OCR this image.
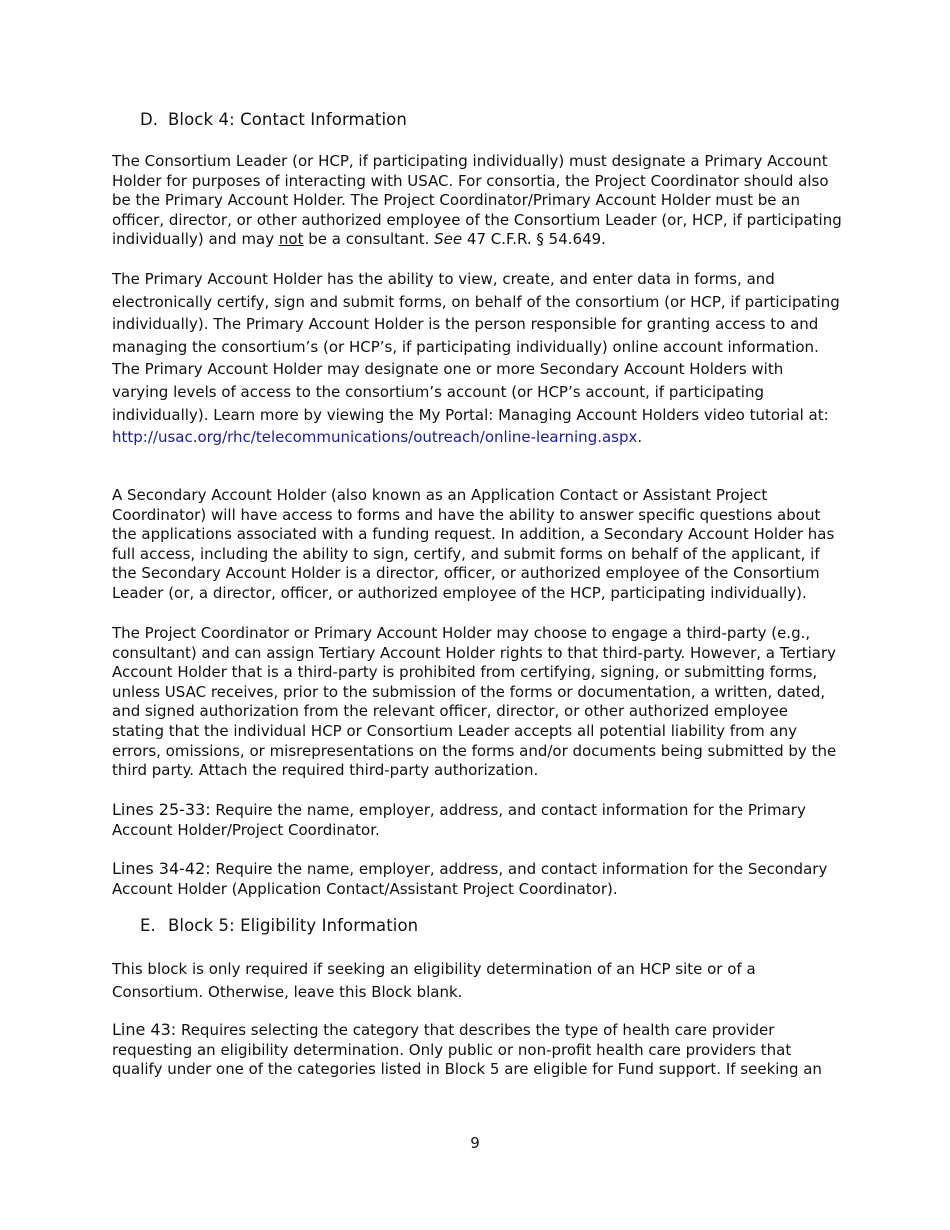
D. Block 4: Contact Information

The Consortium Leader (or HCP, if participating individually) must designate a Primary Account Holder for purposes of interacting with USAC. For consortia, the Project Coordinator should also be the Primary Account Holder. The Project Coordinator/Primary Account Holder must be an officer, director, or other authorized employee of the Consortium Leader (or, HCP, if participating individually) and may not be a consultant. See 47 C.F.R. § 54.649.

The Primary Account Holder has the ability to view, create, and enter data in forms, and electronically certify, sign and submit forms, on behalf of the consortium (or HCP, if participating individually). The Primary Account Holder is the person responsible for granting access to and managing the consortium’s (or HCP’s, if participating individually) online account information. The Primary Account Holder may designate one or more Secondary Account Holders with varying levels of access to the consortium’s account (or HCP’s account, if participating individually). Learn more by viewing the My Portal: Managing Account Holders video tutorial at: http://usac.org/rhc/telecommunications/outreach/online-learning.aspx.

A Secondary Account Holder (also known as an Application Contact or Assistant Project Coordinator) will have access to forms and have the ability to answer specific questions about the applications associated with a funding request. In addition, a Secondary Account Holder has full access, including the ability to sign, certify, and submit forms on behalf of the applicant, if the Secondary Account Holder is a director, officer, or authorized employee of the Consortium Leader (or, a director, officer, or authorized employee of the HCP, participating individually).

The Project Coordinator or Primary Account Holder may choose to engage a third-party (e.g., consultant) and can assign Tertiary Account Holder rights to that third-party. However, a Tertiary Account Holder that is a third-party is prohibited from certifying, signing, or submitting forms, unless USAC receives, prior to the submission of the forms or documentation, a written, dated, and signed authorization from the relevant officer, director, or other authorized employee stating that the individual HCP or Consortium Leader accepts all potential liability from any errors, omissions, or misrepresentations on the forms and/or documents being submitted by the third party. Attach the required third-party authorization.

Lines 25-33: Require the name, employer, address, and contact information for the Primary Account Holder/Project Coordinator.

Lines 34-42: Require the name, employer, address, and contact information for the Secondary Account Holder (Application Contact/Assistant Project Coordinator).

E. Block 5: Eligibility Information

This block is only required if seeking an eligibility determination of an HCP site or of a Consortium. Otherwise, leave this Block blank.

Line 43: Requires selecting the category that describes the type of health care provider requesting an eligibility determination. Only public or non-profit health care providers that qualify under one of the categories listed in Block 5 are eligible for Fund support. If seeking an

9
